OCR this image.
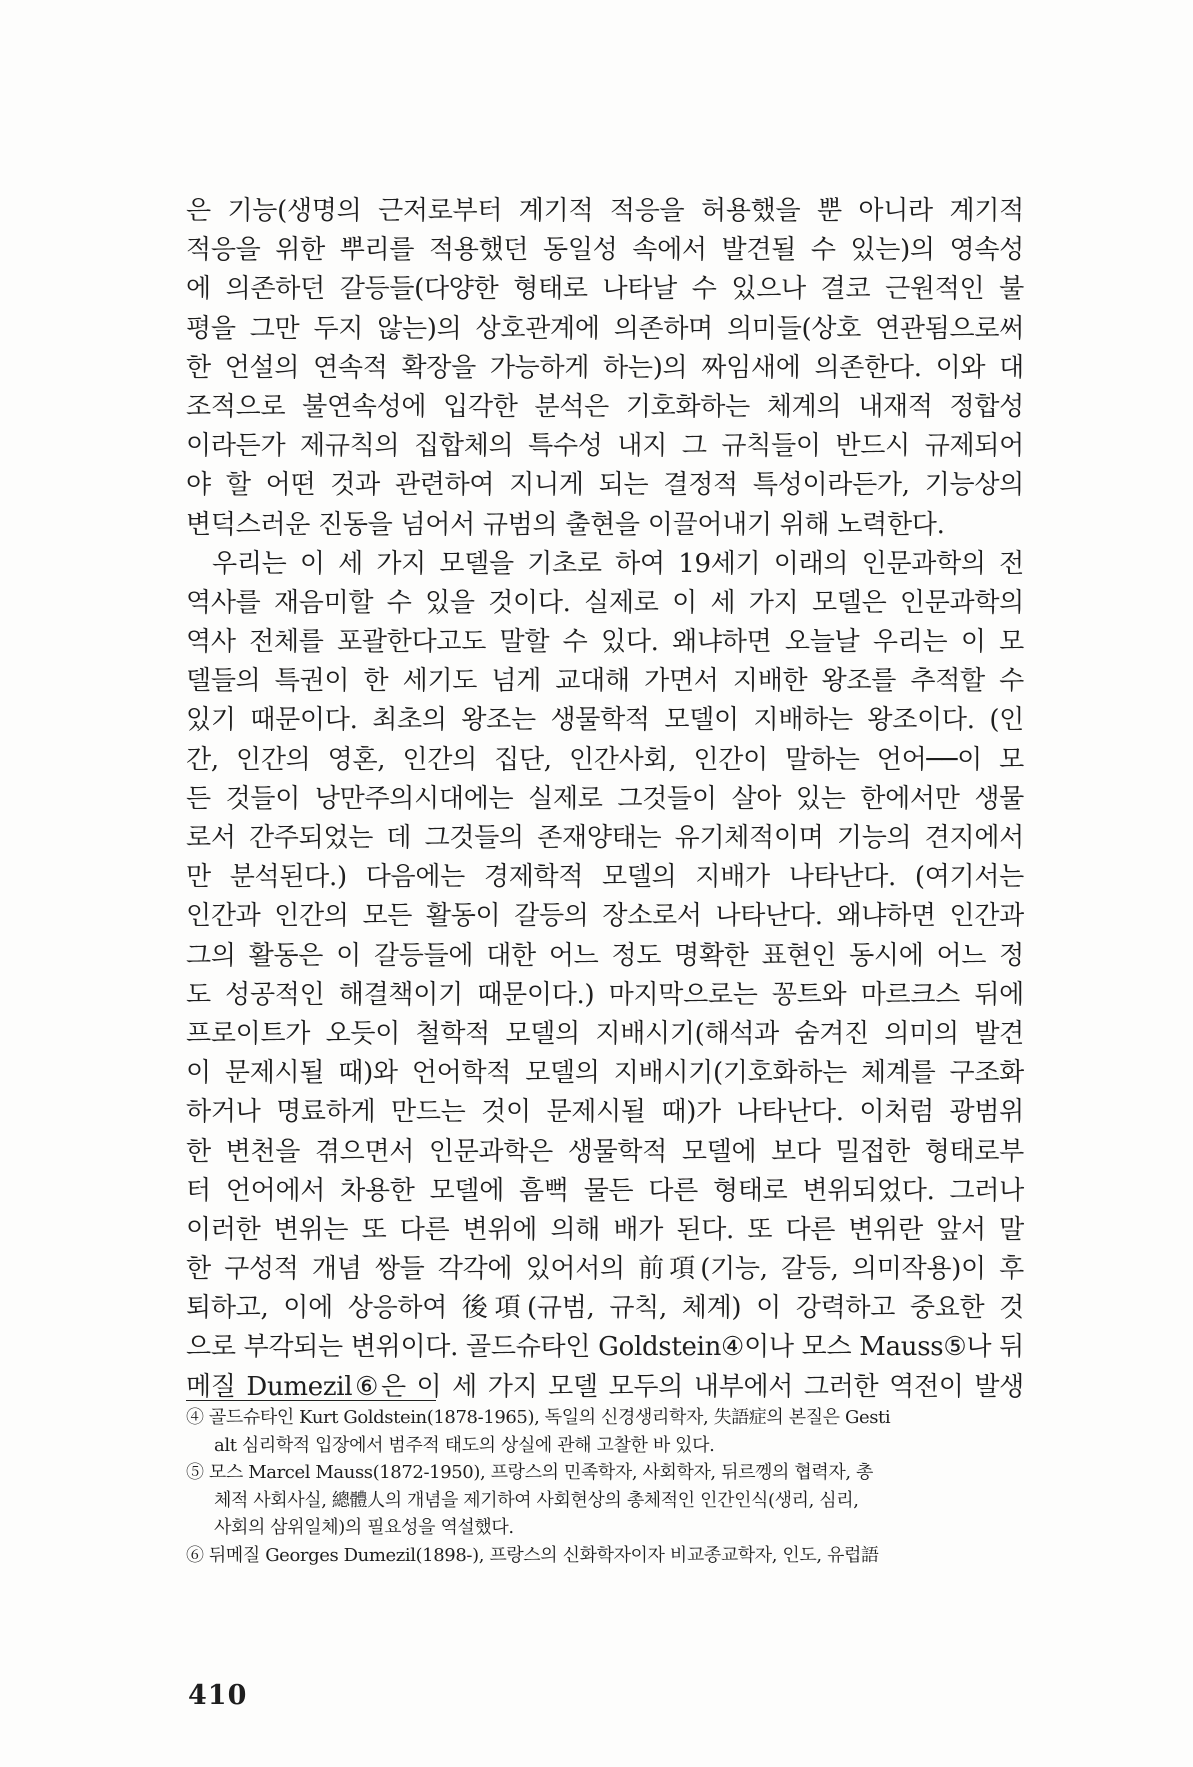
은 기능(생명의 근저로부터 계기적 적응을 허용했을 뿐 아니라 계기적
적응을 위한 뿌리를 적용했던 동일성 속에서 발견될 수 있는)의 영속성
에 의존하던 갈등들(다양한 형태로 나타날 수 있으나 결코 근원적인 불
평을 그만 두지 않는)의 상호관계에 의존하며 의미들(상호 연관됨으로써
한 언설의 연속적 확장을 가능하게 하는)의 짜임새에 의존한다. 이와 대
조적으로 불연속성에 입각한 분석은 기호화하는 체계의 내재적 정합성
이라든가 제규칙의 집합체의 특수성 내지 그 규칙들이 반드시 규제되어
야 할 어떤 것과 관련하여 지니게 되는 결정적 특성이라든가, 기능상의
변덕스러운 진동을 넘어서 규범의 출현을 이끌어내기 위해 노력한다.
우리는 이 세 가지 모델을 기초로 하여 19세기 이래의 인문과학의 전
역사를 재음미할 수 있을 것이다. 실제로 이 세 가지 모델은 인문과학의
역사 전체를 포괄한다고도 말할 수 있다. 왜냐하면 오늘날 우리는 이 모
델들의 특권이 한 세기도 넘게 교대해 가면서 지배한 왕조를 추적할 수
있기 때문이다. 최초의 왕조는 생물학적 모델이 지배하는 왕조이다. (인
간, 인간의 영혼, 인간의 집단, 인간사회, 인간이 말하는 언어──이 모
든 것들이 낭만주의시대에는 실제로 그것들이 살아 있는 한에서만 생물
로서 간주되었는 데 그것들의 존재양태는 유기체적이며 기능의 견지에서
만 분석된다.) 다음에는 경제학적 모델의 지배가 나타난다. (여기서는
인간과 인간의 모든 활동이 갈등의 장소로서 나타난다. 왜냐하면 인간과
그의 활동은 이 갈등들에 대한 어느 정도 명확한 표현인 동시에 어느 정
도 성공적인 해결책이기 때문이다.) 마지막으로는 꽁트와 마르크스 뒤에
프로이트가 오듯이 철학적 모델의 지배시기(해석과 숨겨진 의미의 발견
이 문제시될 때)와 언어학적 모델의 지배시기(기호화하는 체계를 구조화
하거나 명료하게 만드는 것이 문제시될 때)가 나타난다. 이처럼 광범위
한 변천을 겪으면서 인문과학은 생물학적 모델에 보다 밀접한 형태로부
터 언어에서 차용한 모델에 흠뻑 물든 다른 형태로 변위되었다. 그러나
이러한 변위는 또 다른 변위에 의해 배가 된다. 또 다른 변위란 앞서 말
한 구성적 개념 쌍들 각각에 있어서의 前項(기능, 갈등, 의미작용)이 후
퇴하고, 이에 상응하여 後項(규범, 규칙, 체계) 이 강력하고 중요한 것
으로 부각되는 변위이다. 골드슈타인 Goldstein④이나 모스 Mauss⑤나 뒤
메질 Dumezil⑥은 이 세 가지 모델 모두의 내부에서 그러한 역전이 발생
④ 골드슈타인 Kurt Goldstein(1878-1965), 독일의 신경생리학자, 失語症의 본질은 Gesti
alt 심리학적 입장에서 범주적 태도의 상실에 관해 고찰한 바 있다.
⑤ 모스 Marcel Mauss(1872-1950), 프랑스의 민족학자, 사회학자, 뒤르껭의 협력자, 총
체적 사회사실, 總體人의 개념을 제기하여 사회현상의 총체적인 인간인식(생리, 심리,
사회의 삼위일체)의 필요성을 역설했다.
⑥ 뒤메질 Georges Dumezil(1898-), 프랑스의 신화학자이자 비교종교학자, 인도, 유럽語
410
